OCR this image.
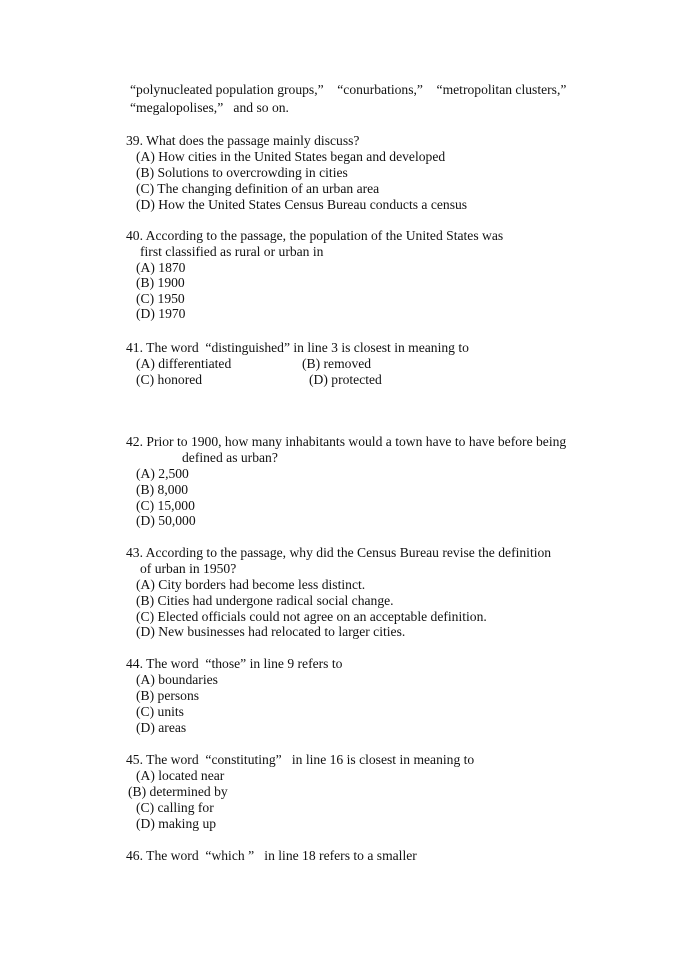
“polynucleated population groups,”    “conurbations,”    “metropolitan clusters,”
“megalopolises,”   and so on.
39. What does the passage mainly discuss?
(A) How cities in the United States began and developed
(B) Solutions to overcrowding in cities
(C) The changing definition of an urban area
(D) How the United States Census Bureau conducts a census
40. According to the passage, the population of the United States was
first classified as rural or urban in
(A) 1870
(B) 1900
(C) 1950
(D) 1970
41. The word  “distinguished” in line 3 is closest in meaning to
(A) differentiated	(B) removed
(C) honored	(D) protected
42. Prior to 1900, how many inhabitants would a town have to have before being
defined as urban?
(A) 2,500
(B) 8,000
(C) 15,000
(D) 50,000
43. According to the passage, why did the Census Bureau revise the definition
of urban in 1950?
(A) City borders had become less distinct.
(B) Cities had undergone radical social change.
(C) Elected officials could not agree on an acceptable definition.
(D) New businesses had relocated to larger cities.
44. The word  “those” in line 9 refers to
(A) boundaries
(B) persons
(C) units
(D) areas
45. The word  “constituting”   in line 16 is closest in meaning to
(A) located near
(B) determined by
(C) calling for
(D) making up
46. The word  “which ”   in line 18 refers to a smaller
